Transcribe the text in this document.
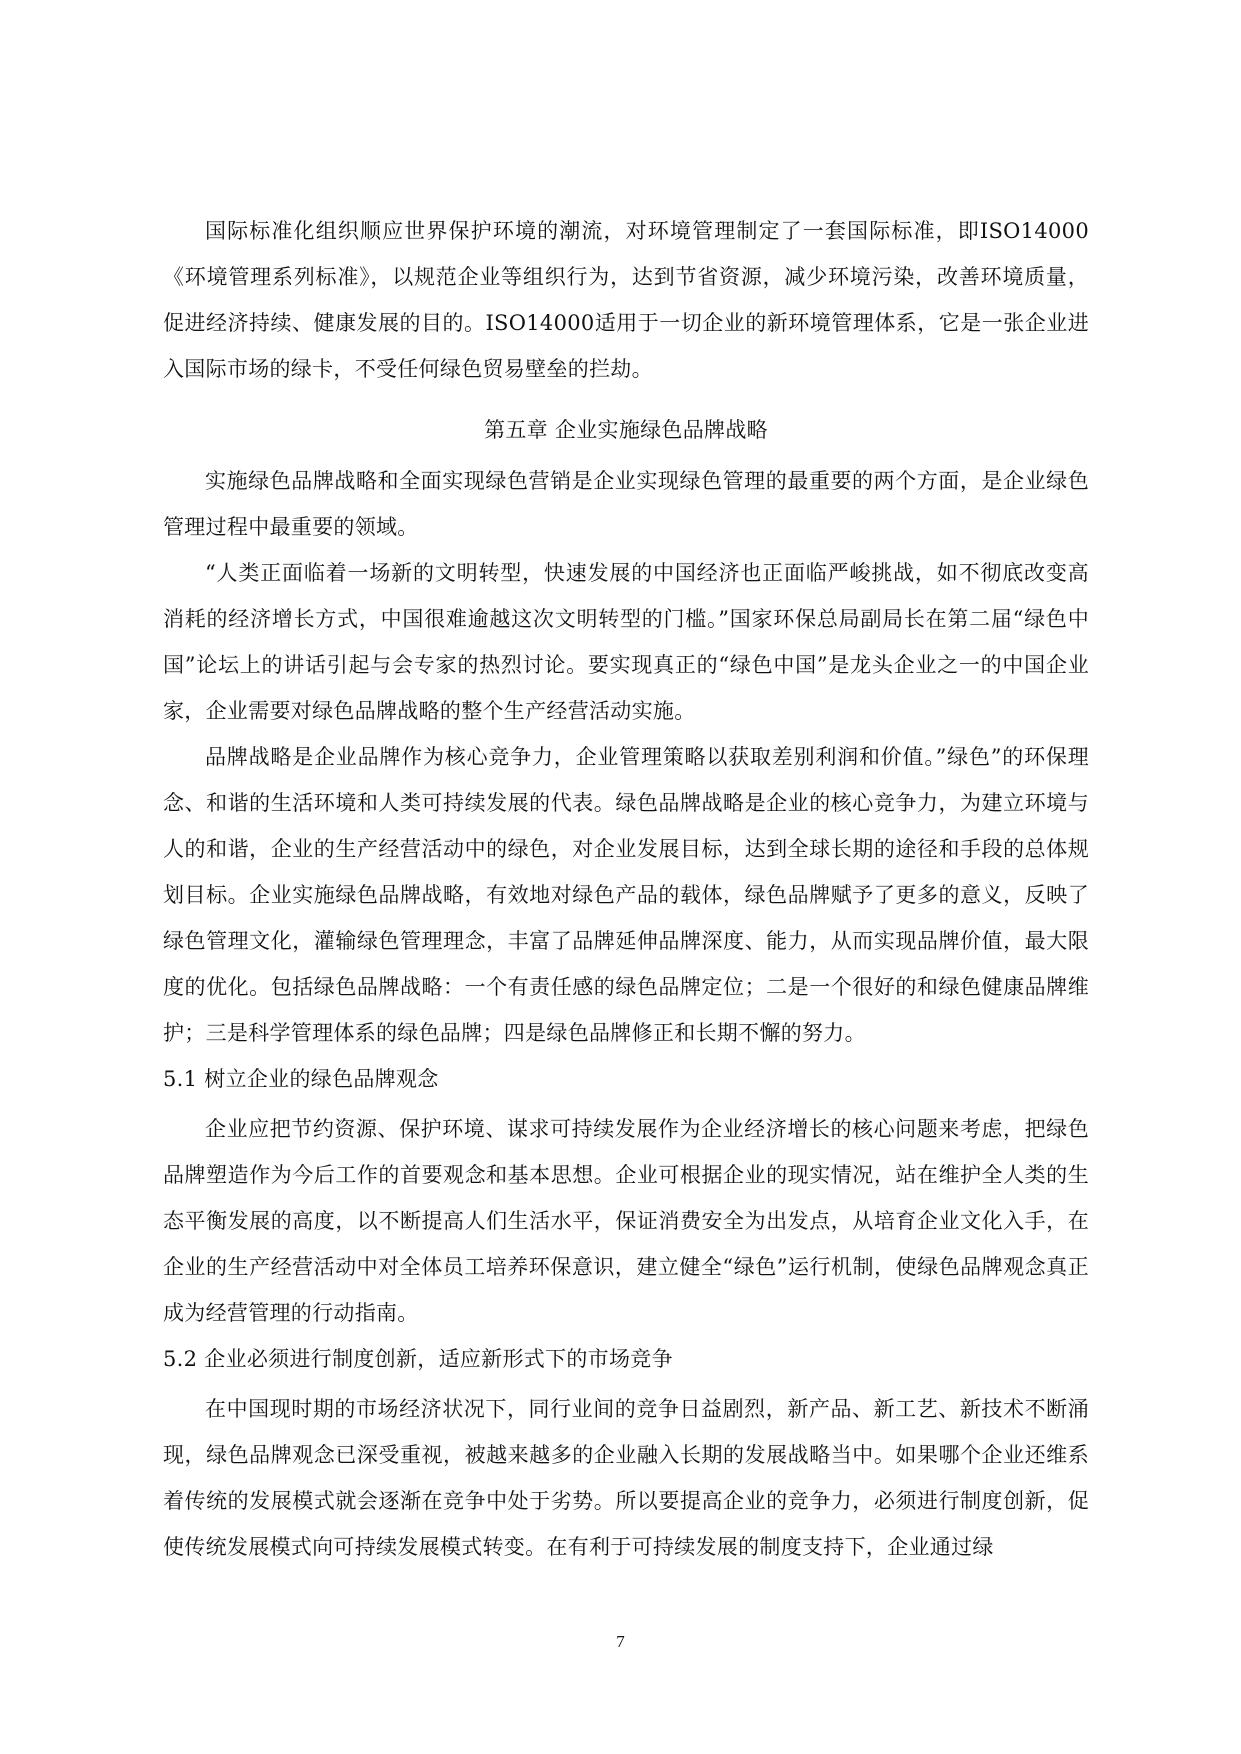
国际标准化组织顺应世界保护环境的潮流，对环境管理制定了一套国际标准，即ISO14000《环境管理系列标准》，以规范企业等组织行为，达到节省资源，减少环境污染，改善环境质量，促进经济持续、健康发展的目的。ISO14000适用于一切企业的新环境管理体系，它是一张企业进入国际市场的绿卡，不受任何绿色贸易壁垒的拦劫。

第五章 企业实施绿色品牌战略

实施绿色品牌战略和全面实现绿色营销是企业实现绿色管理的最重要的两个方面，是企业绿色管理过程中最重要的领域。

“人类正面临着一场新的文明转型，快速发展的中国经济也正面临严峻挑战，如不彻底改变高消耗的经济增长方式，中国很难逾越这次文明转型的门槛。”国家环保总局副局长在第二届“绿色中国”论坛上的讲话引起与会专家的热烈讨论。要实现真正的“绿色中国”是龙头企业之一的中国企业家，企业需要对绿色品牌战略的整个生产经营活动实施。

品牌战略是企业品牌作为核心竞争力，企业管理策略以获取差别利润和价值。”绿色”的环保理念、和谐的生活环境和人类可持续发展的代表。绿色品牌战略是企业的核心竞争力，为建立环境与人的和谐，企业的生产经营活动中的绿色，对企业发展目标，达到全球长期的途径和手段的总体规划目标。企业实施绿色品牌战略，有效地对绿色产品的载体，绿色品牌赋予了更多的意义，反映了绿色管理文化，灌输绿色管理理念，丰富了品牌延伸品牌深度、能力，从而实现品牌价值，最大限度的优化。包括绿色品牌战略：一个有责任感的绿色品牌定位；二是一个很好的和绿色健康品牌维护；三是科学管理体系的绿色品牌；四是绿色品牌修正和长期不懈的努力。

5.1 树立企业的绿色品牌观念

企业应把节约资源、保护环境、谋求可持续发展作为企业经济增长的核心问题来考虑，把绿色品牌塑造作为今后工作的首要观念和基本思想。企业可根据企业的现实情况，站在维护全人类的生态平衡发展的高度，以不断提高人们生活水平，保证消费安全为出发点，从培育企业文化入手，在企业的生产经营活动中对全体员工培养环保意识，建立健全“绿色”运行机制，使绿色品牌观念真正成为经营管理的行动指南。

5.2 企业必须进行制度创新，适应新形式下的市场竞争

在中国现时期的市场经济状况下，同行业间的竞争日益剧烈，新产品、新工艺、新技术不断涌现，绿色品牌观念已深受重视，被越来越多的企业融入长期的发展战略当中。如果哪个企业还维系着传统的发展模式就会逐渐在竞争中处于劣势。所以要提高企业的竞争力，必须进行制度创新，促使传统发展模式向可持续发展模式转变。在有利于可持续发展的制度支持下，企业通过绿

7
